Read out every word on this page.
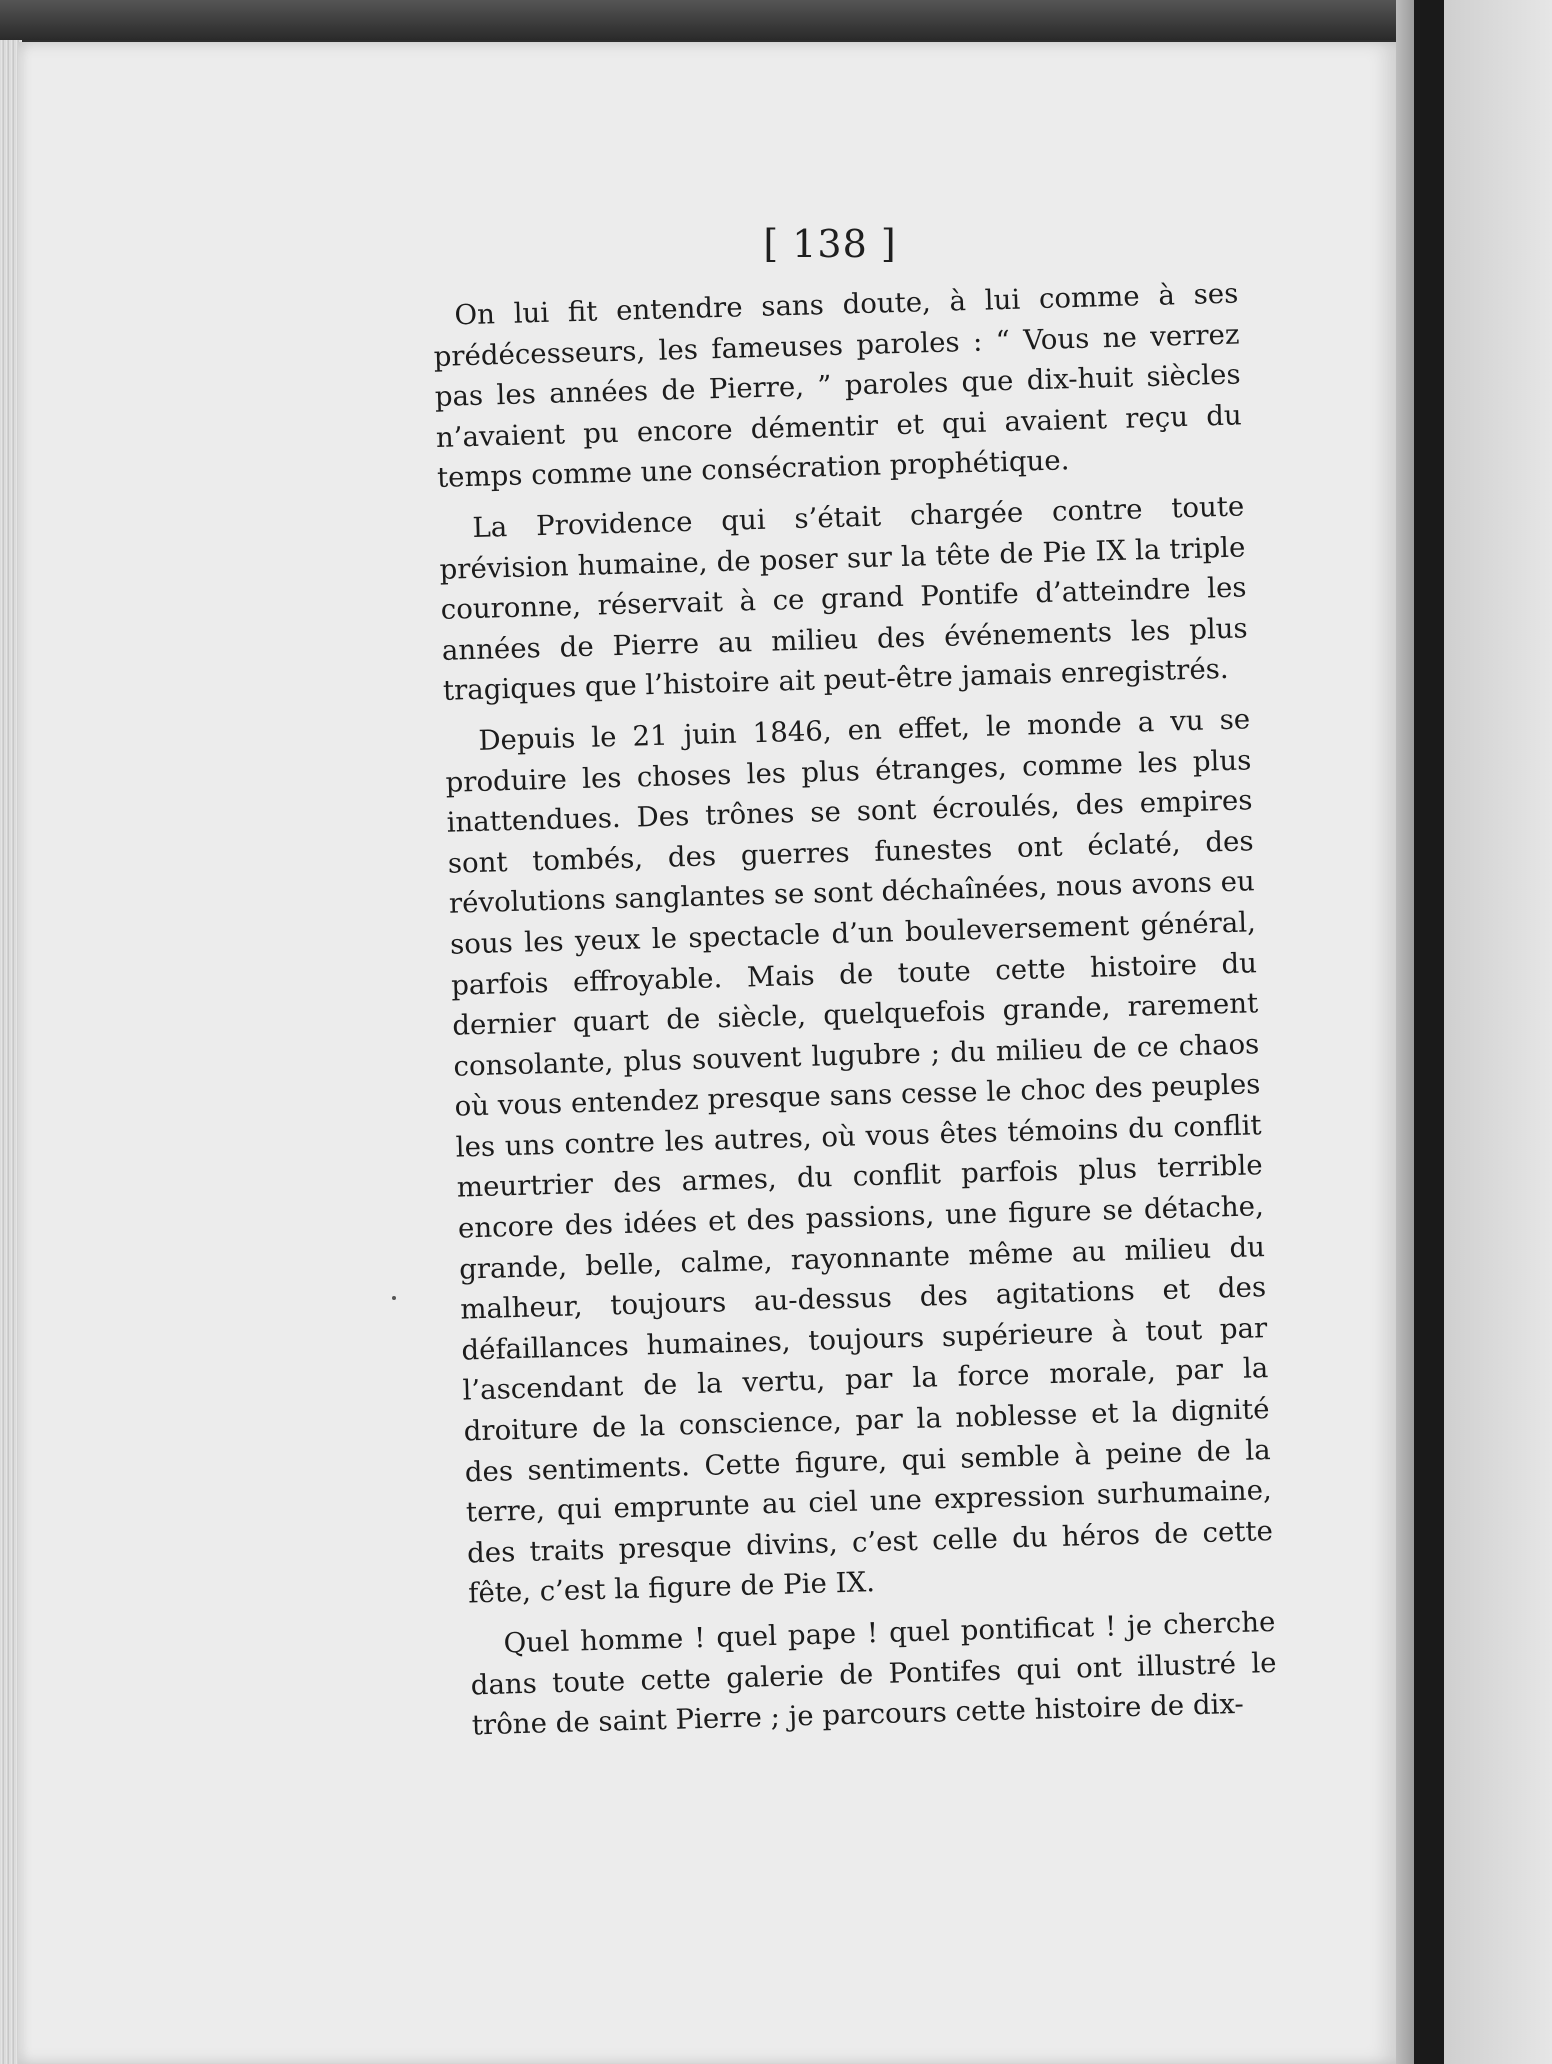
[ 138 ]

On lui fit entendre sans doute, à lui comme à ses prédécesseurs, les fameuses paroles : “ Vous ne verrez pas les années de Pierre, ” paroles que dix-huit siècles n’avaient pu encore démentir et qui avaient reçu du temps comme une consécration prophétique.

La Providence qui s’était chargée contre toute prévision humaine, de poser sur la tête de Pie IX la triple couronne, réservait à ce grand Pontife d’atteindre les années de Pierre au milieu des événements les plus tragiques que l’histoire ait peut-être jamais enregistrés.

Depuis le 21 juin 1846, en effet, le monde a vu se produire les choses les plus étranges, comme les plus inattendues. Des trônes se sont écroulés, des empires sont tombés, des guerres funestes ont éclaté, des révolutions sanglantes se sont déchaînées, nous avons eu sous les yeux le spectacle d’un bouleversement général, parfois effroyable. Mais de toute cette histoire du dernier quart de siècle, quelquefois grande, rarement consolante, plus souvent lugubre ; du milieu de ce chaos où vous entendez presque sans cesse le choc des peuples les uns contre les autres, où vous êtes témoins du conflit meurtrier des armes, du conflit parfois plus terrible encore des idées et des passions, une figure se détache, grande, belle, calme, rayonnante même au milieu du malheur, toujours au-dessus des agitations et des défaillances humaines, toujours supérieure à tout par l’ascendant de la vertu, par la force morale, par la droiture de la conscience, par la noblesse et la dignité des sentiments. Cette figure, qui semble à peine de la terre, qui emprunte au ciel une expression surhumaine, des traits presque divins, c’est celle du héros de cette fête, c’est la figure de Pie IX.

Quel homme ! quel pape ! quel pontificat ! je cherche dans toute cette galerie de Pontifes qui ont illustré le trône de saint Pierre ; je parcours cette histoire de dix-
